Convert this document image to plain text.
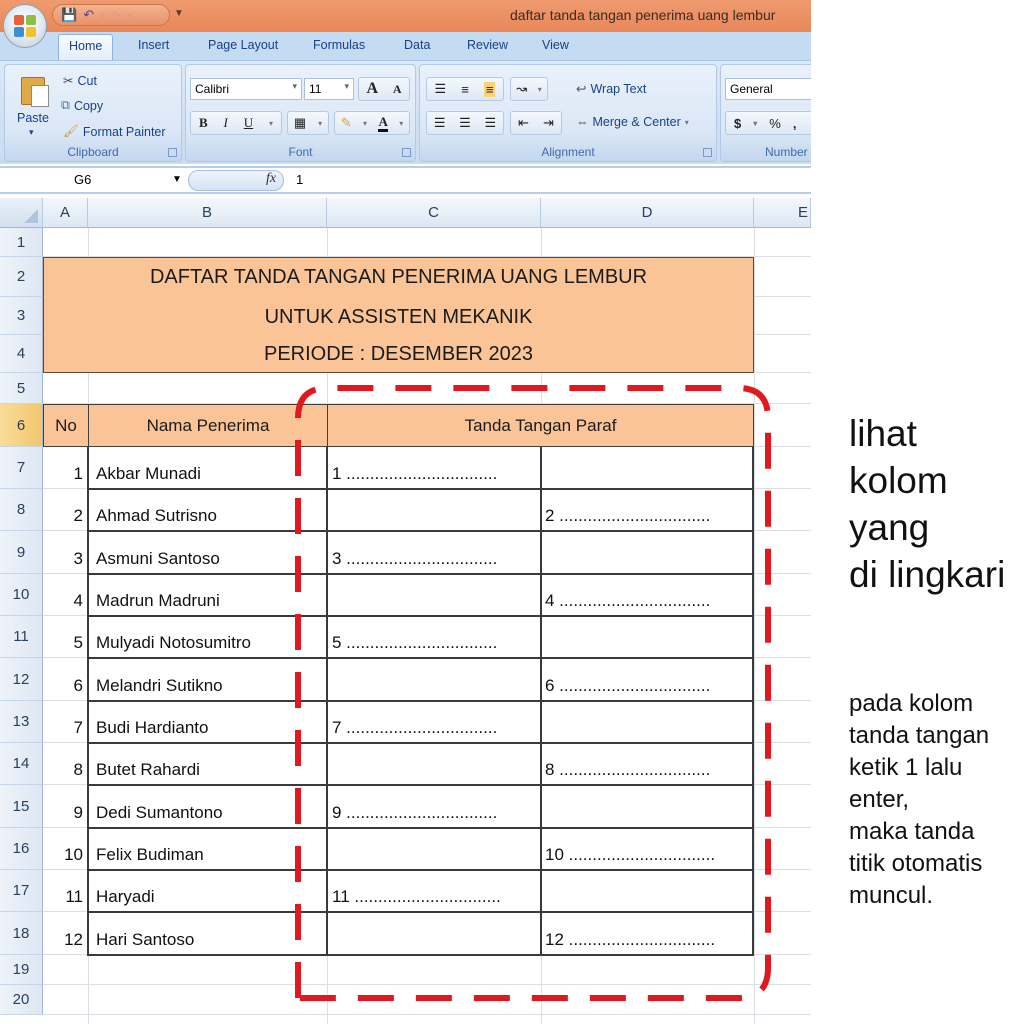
💾 ↶ ▾ ↷ ▾	▼	daftar tanda tangan penerima uang lembur
Home	Insert	Page Layout	Formulas	Data	Review	View
Paste
▾
✂ Cut
⧉ Copy
🖌 Format Painter
Clipboard
Calibri	▾	11	▾ A A
B I U ▾ ▦ ▾ ✎ ▾ A ▾
Font
☰ ≡ ≡ ↝ ▾
☰ ☰ ☰ ⇤ ⇥
↩ Wrap Text
⇔ Merge & Center ▾
Alignment
General
$ ▾ % ,
Number
G6	▼	fx 1
A	B	C	D	E
1
2
3
4
5
6
7
8
9
10
11
12
13
14
15
16
17
18
19
20
DAFTAR TANDA TANGAN PENERIMA UANG LEMBUR
UNTUK ASSISTEN MEKANIK
PERIODE : DESEMBER 2023
No	Nama Penerima	Tanda Tangan Paraf
1 Akbar Munadi	1 ................................
2 Ahmad Sutrisno	2 ................................
3 Asmuni Santoso	3 ................................
4 Madrun Madruni	4 ................................
5 Mulyadi Notosumitro	5 ................................
6 Melandri Sutikno	6 ................................
7 Budi Hardianto	7 ................................
8 Butet Rahardi	8 ................................
9 Dedi Sumantono	9 ................................
10 Felix Budiman	10 ...............................
11 Haryadi	11 ...............................
12 Hari Santoso	12 ...............................
lihat
kolom
yang
di lingkari
pada kolom
tanda tangan
ketik 1 lalu
enter,
maka tanda
titik otomatis
muncul.
